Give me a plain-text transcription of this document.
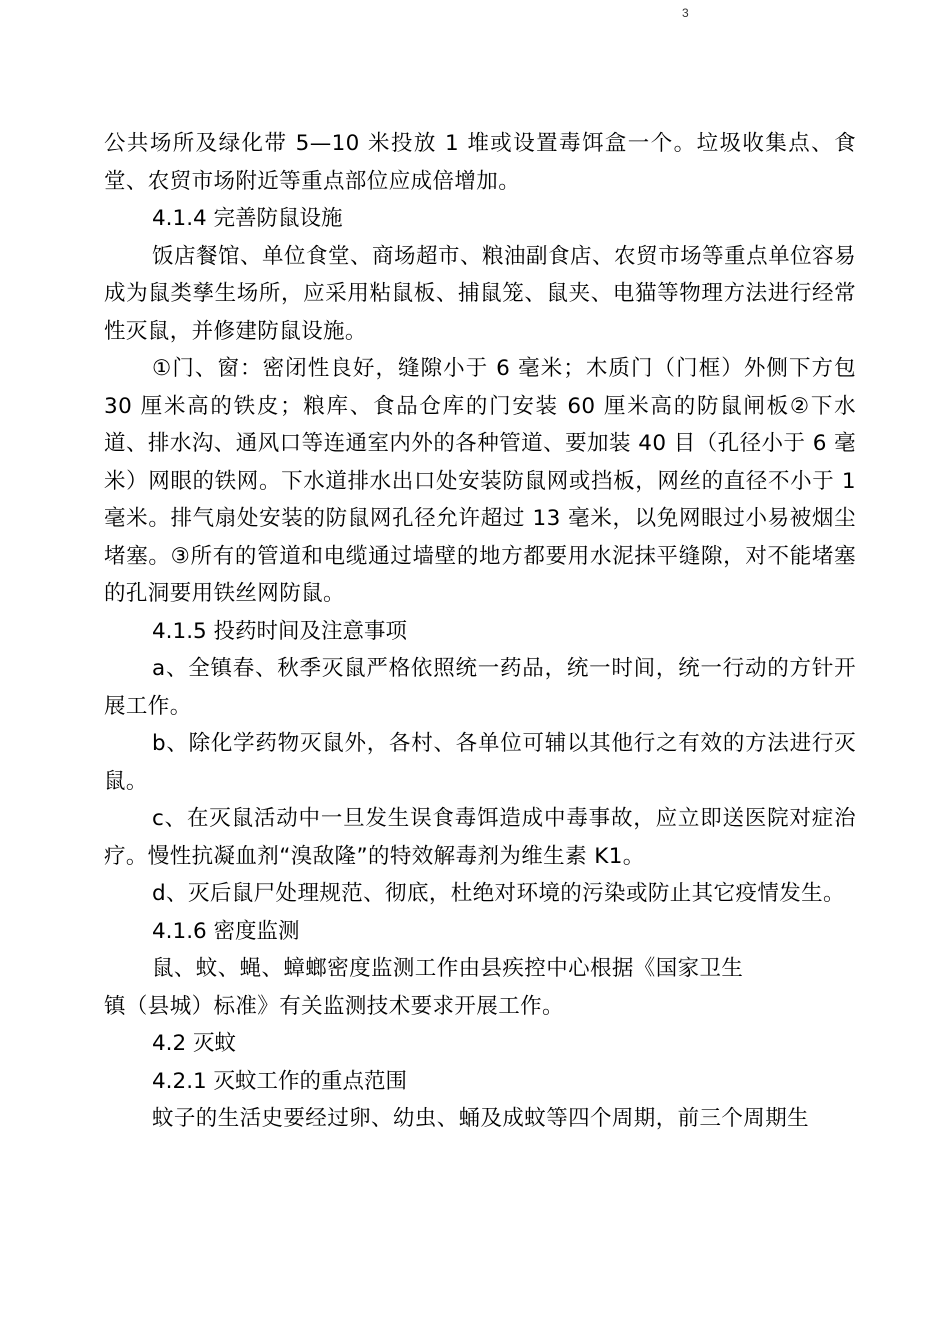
3

公共场所及绿化带 5—10 米投放 1 堆或设置毒饵盒一个。垃圾收集点、食堂、农贸市场附近等重点部位应成倍增加。

4.1.4 完善防鼠设施

饭店餐馆、单位食堂、商场超市、粮油副食店、农贸市场等重点单位容易成为鼠类孳生场所，应采用粘鼠板、捕鼠笼、鼠夹、电猫等物理方法进行经常性灭鼠，并修建防鼠设施。

①门、窗：密闭性良好，缝隙小于 6 毫米；木质门（门框）外侧下方包 30 厘米高的铁皮；粮库、食品仓库的门安装 60 厘米高的防鼠闸板②下水道、排水沟、通风口等连通室内外的各种管道、要加装 40 目（孔径小于 6 毫米）网眼的铁网。下水道排水出口处安装防鼠网或挡板，网丝的直径不小于 1 毫米。排气扇处安装的防鼠网孔径允许超过 13 毫米，以免网眼过小易被烟尘堵塞。③所有的管道和电缆通过墙壁的地方都要用水泥抹平缝隙，对不能堵塞的孔洞要用铁丝网防鼠。

4.1.5 投药时间及注意事项

a、全镇春、秋季灭鼠严格依照统一药品，统一时间，统一行动的方针开展工作。

b、除化学药物灭鼠外，各村、各单位可辅以其他行之有效的方法进行灭鼠。

c、在灭鼠活动中一旦发生误食毒饵造成中毒事故，应立即送医院对症治疗。慢性抗凝血剂“溴敌隆”的特效解毒剂为维生素 K1。

d、灭后鼠尸处理规范、彻底，杜绝对环境的污染或防止其它疫情发生。

4.1.6 密度监测

鼠、蚊、蝇、蟑螂密度监测工作由县疾控中心根据《国家卫生
镇（县城）标准》有关监测技术要求开展工作。

4.2 灭蚊

4.2.1 灭蚊工作的重点范围

蚊子的生活史要经过卵、幼虫、蛹及成蚊等四个周期，前三个周期生
